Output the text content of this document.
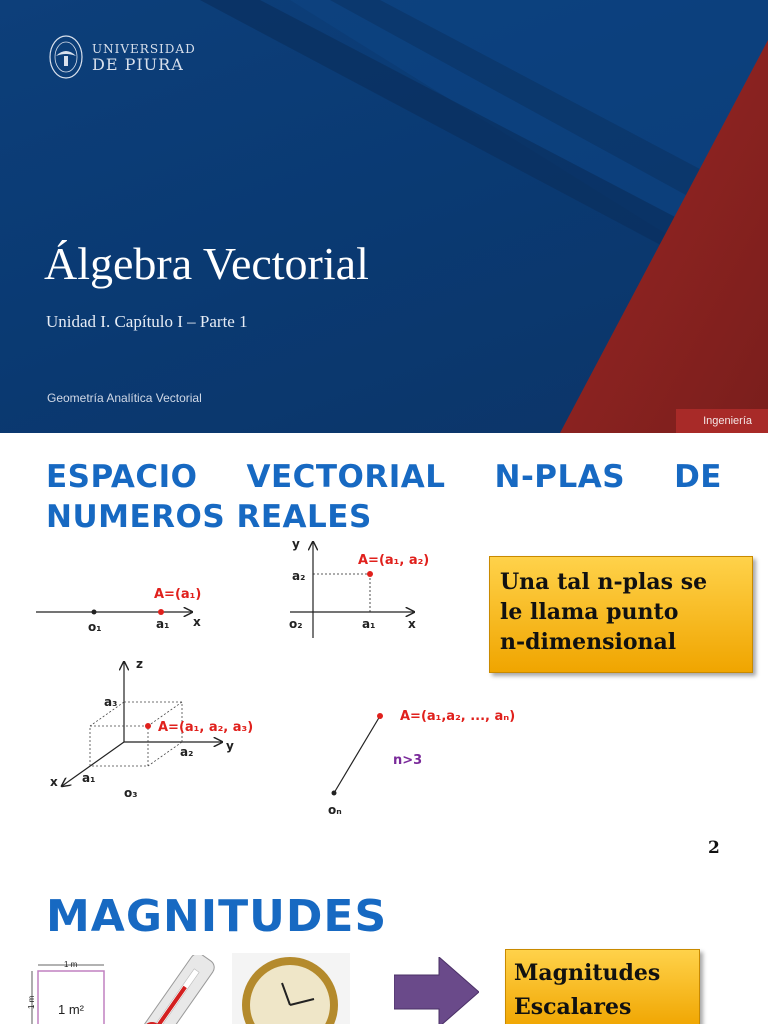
UNIVERSIDAD
DE PIURA
Álgebra Vectorial
Unidad I. Capítulo I – Parte 1
Geometría Analítica Vectorial
Ingeniería
ESPACIO VECTORIAL N-PLAS DE
NUMEROS REALES
A=(a₁)
o₁	a₁ x
A=(a₁, a₂)
o₂	a₁
a₂
x
y
A=(a₁, a₂, a₃)
o₃
a₁
a₂
a₃
x
y
z
A=(a₁,a₂, ..., aₙ)
oₙ
n>3
Una tal n-plas se
le llama punto
n-dimensional
2
MAGNITUDES
1 m
1 m 1 m²
Magnitudes
Escalares
